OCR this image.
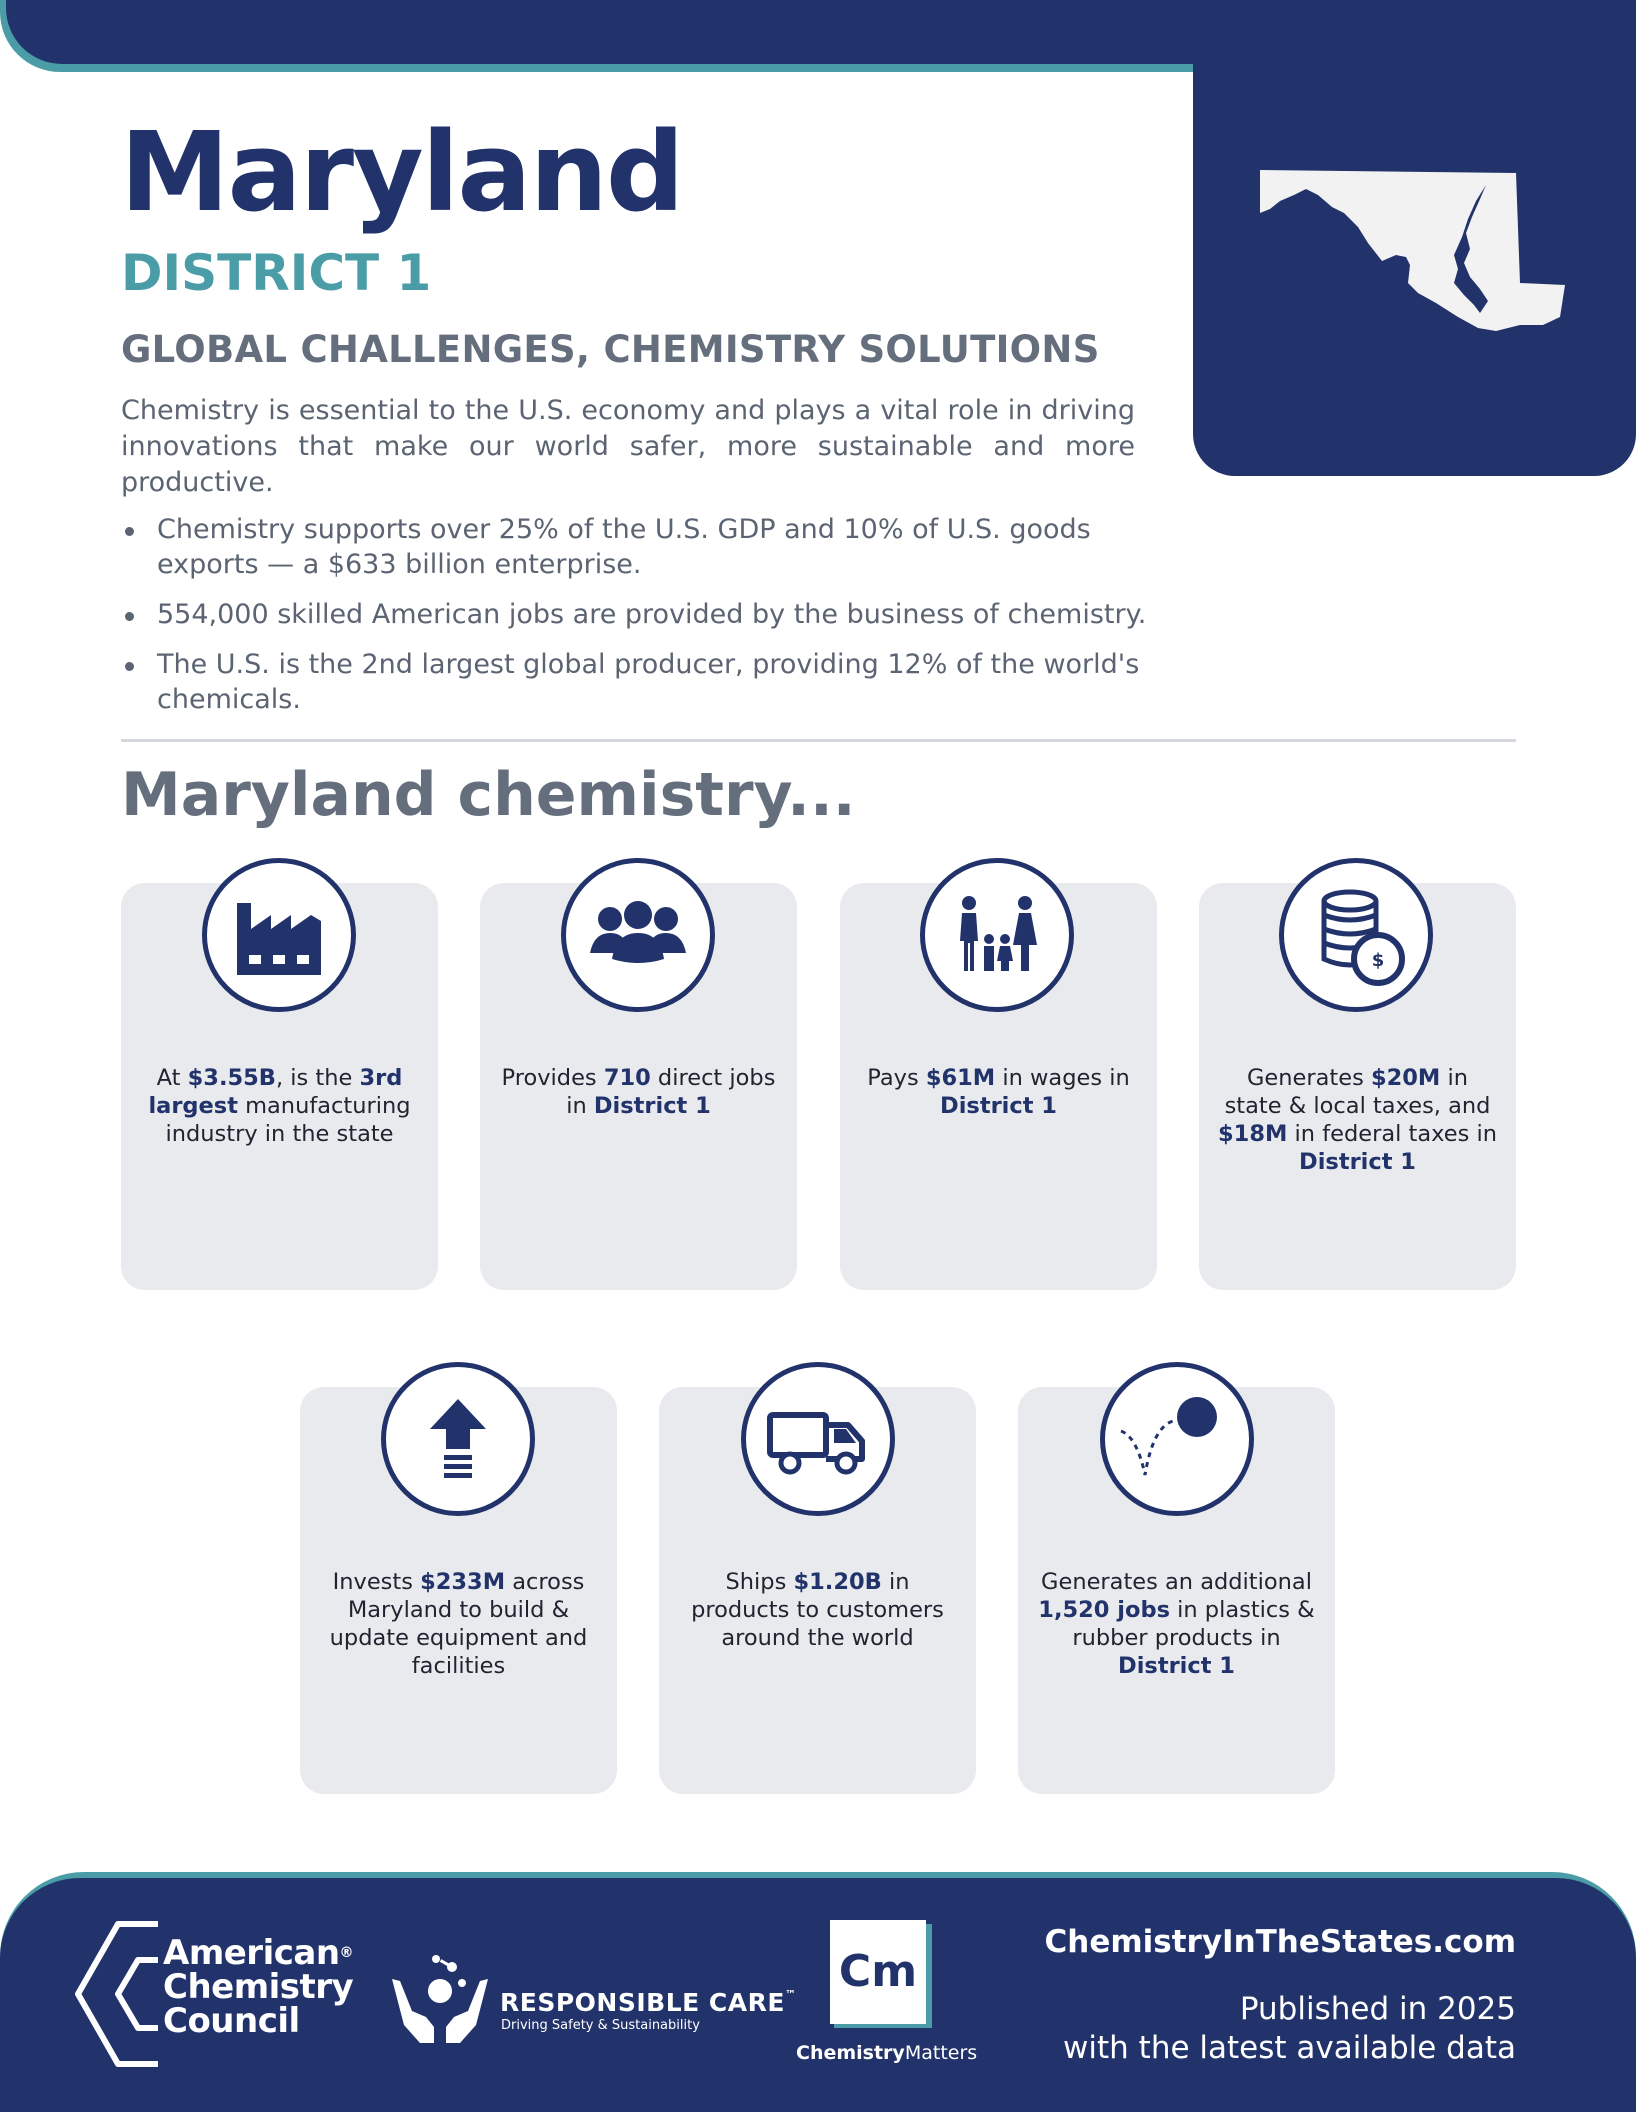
Maryland
DISTRICT 1
GLOBAL CHALLENGES, CHEMISTRY SOLUTIONS

Chemistry is essential to the U.S. economy and plays a vital role in driving innovations that make our world safer, more sustainable and more productive.

Chemistry supports over 25% of the U.S. GDP and 10% of U.S. goods exports — a $633 billion enterprise.
554,000 skilled American jobs are provided by the business of chemistry.
The U.S. is the 2nd largest global producer, providing 12% of the world's chemicals.
Maryland chemistry...
At $3.55B, is the 3rd largest manufacturing industry in the state
Provides 710 direct jobs in District 1
Pays $61M in wages in District 1
$
Generates $20M in state & local taxes, and $18M in federal taxes in District 1
Invests $233M across Maryland to build & update equipment and facilities
Ships $1.20B in products to customers around the world
Generates an additional 1,520 jobs in plastics & rubber products in District 1
American®
Chemistry
Council	RESPONSIBLE CARE™
Driving Safety & Sustainability
Cm
ChemistryMatters
ChemistryInTheStates.com
Published in 2025
with the latest available data
